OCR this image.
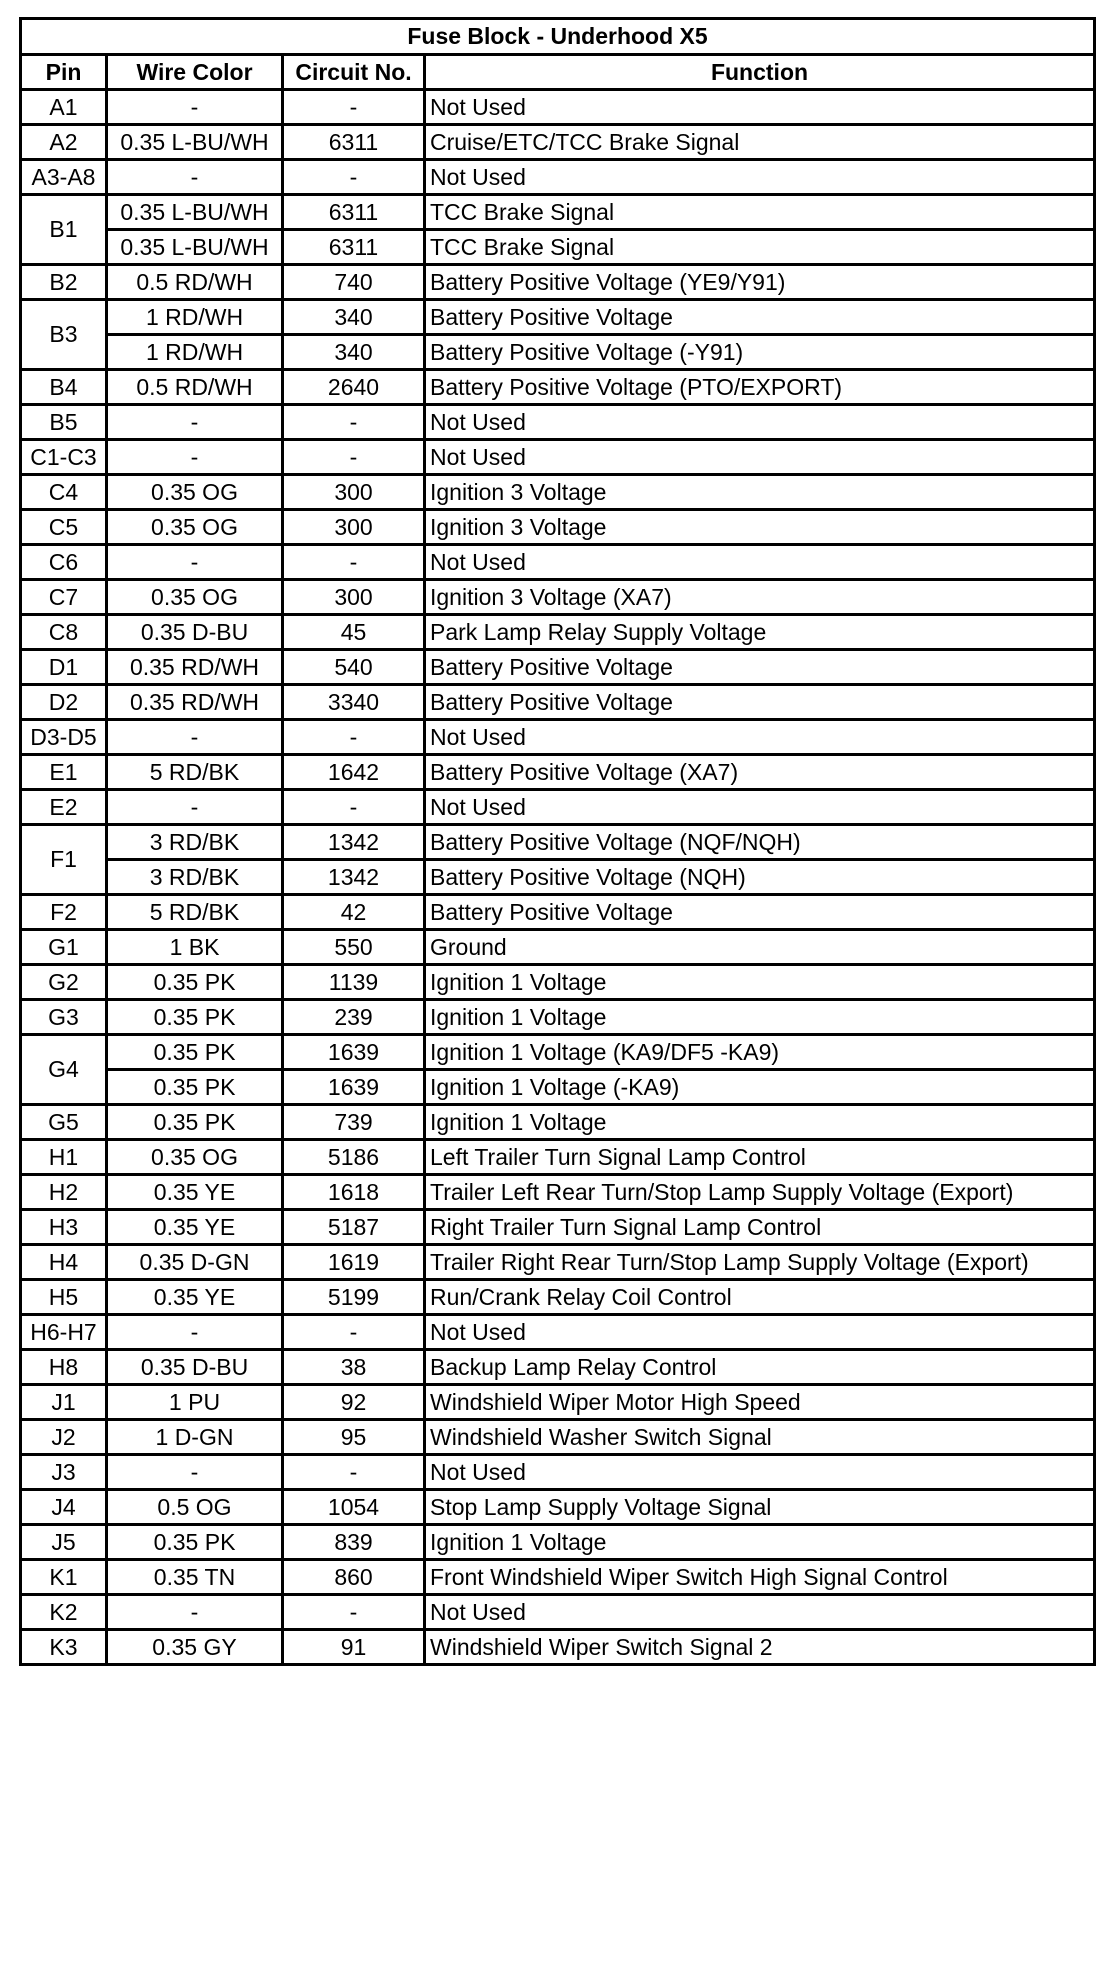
Fuse Block - Underhood X5			
Pin	Wire Color	Circuit No.	Function
A1	-	-	Not Used
A2	0.35 L-BU/WH	6311	Cruise/ETC/TCC Brake Signal
A3-A8	-	-	Not Used
B1	0.35 L-BU/WH	6311	TCC Brake Signal
	0.35 L-BU/WH	6311	TCC Brake Signal
B2	0.5 RD/WH	740	Battery Positive Voltage (YE9/Y91)
B3	1 RD/WH	340	Battery Positive Voltage
	1 RD/WH	340	Battery Positive Voltage (-Y91)
B4	0.5 RD/WH	2640	Battery Positive Voltage (PTO/EXPORT)
B5	-	-	Not Used
C1-C3	-	-	Not Used
C4	0.35 OG	300	Ignition 3 Voltage
C5	0.35 OG	300	Ignition 3 Voltage
C6	-	-	Not Used
C7	0.35 OG	300	Ignition 3 Voltage (XA7)
C8	0.35 D-BU	45	Park Lamp Relay Supply Voltage
D1	0.35 RD/WH	540	Battery Positive Voltage
D2	0.35 RD/WH	3340	Battery Positive Voltage
D3-D5	-	-	Not Used
E1	5 RD/BK	1642	Battery Positive Voltage (XA7)
E2	-	-	Not Used
F1	3 RD/BK	1342	Battery Positive Voltage (NQF/NQH)
	3 RD/BK	1342	Battery Positive Voltage (NQH)
F2	5 RD/BK	42	Battery Positive Voltage
G1	1 BK	550	Ground
G2	0.35 PK	1139	Ignition 1 Voltage
G3	0.35 PK	239	Ignition 1 Voltage
G4	0.35 PK	1639	Ignition 1 Voltage (KA9/DF5 -KA9)
	0.35 PK	1639	Ignition 1 Voltage (-KA9)
G5	0.35 PK	739	Ignition 1 Voltage
H1	0.35 OG	5186	Left Trailer Turn Signal Lamp Control
H2	0.35 YE	1618	Trailer Left Rear Turn/Stop Lamp Supply Voltage (Export)
H3	0.35 YE	5187	Right Trailer Turn Signal Lamp Control
H4	0.35 D-GN	1619	Trailer Right Rear Turn/Stop Lamp Supply Voltage (Export)
H5	0.35 YE	5199	Run/Crank Relay Coil Control
H6-H7	-	-	Not Used
H8	0.35 D-BU	38	Backup Lamp Relay Control
J1	1 PU	92	Windshield Wiper Motor High Speed
J2	1 D-GN	95	Windshield Washer Switch Signal
J3	-	-	Not Used
J4	0.5 OG	1054	Stop Lamp Supply Voltage Signal
J5	0.35 PK	839	Ignition 1 Voltage
K1	0.35 TN	860	Front Windshield Wiper Switch High Signal Control
K2	-	-	Not Used
K3	0.35 GY	91	Windshield Wiper Switch Signal 2
